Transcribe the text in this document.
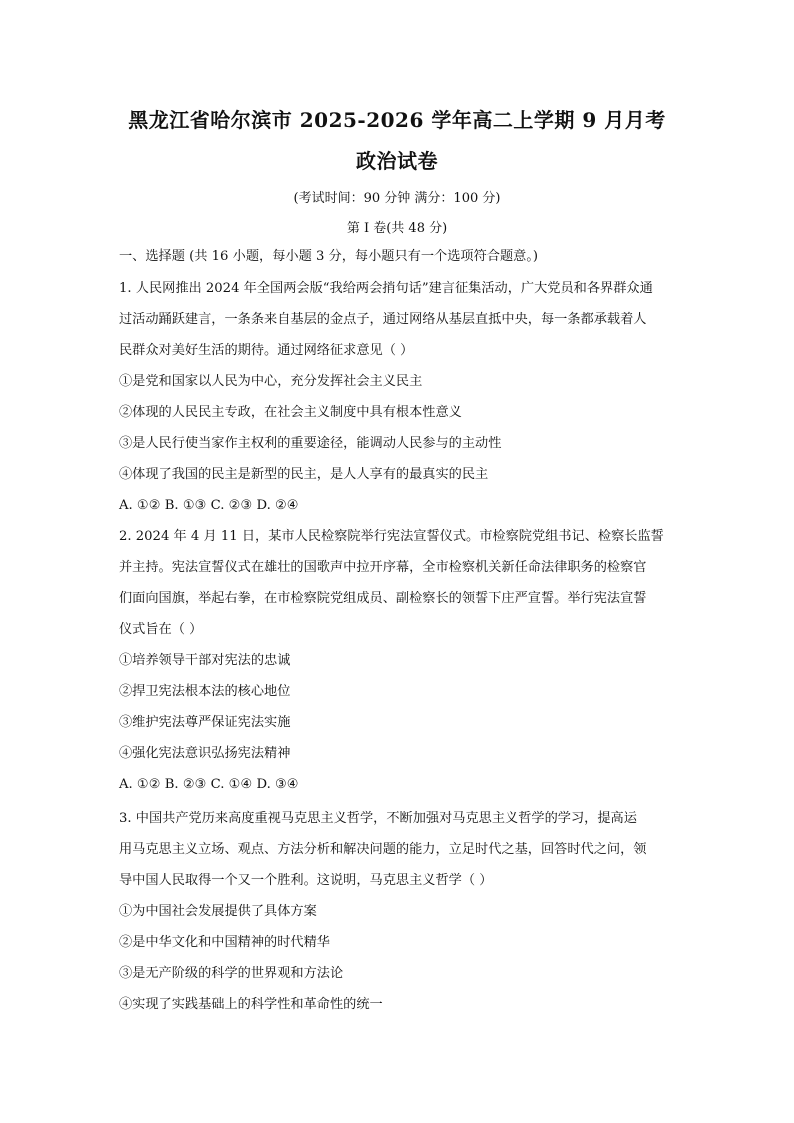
黑龙江省哈尔滨市 2025-2026 学年高二上学期 9 月月考
政治试卷
(考试时间：90 分钟 满分：100 分)
第 I 卷(共 48 分)
一、选择题 (共 16 小题，每小题 3 分，每小题只有一个选项符合题意。)
1. 人民网推出 2024 年全国两会版“我给两会捎句话”建言征集活动，广大党员和各界群众通
过活动踊跃建言，一条条来自基层的金点子，通过网络从基层直抵中央，每一条都承载着人
民群众对美好生活的期待。通过网络征求意见（ ）
①是党和国家以人民为中心，充分发挥社会主义民主
②体现的人民民主专政，在社会主义制度中具有根本性意义
③是人民行使当家作主权利的重要途径，能调动人民参与的主动性
④体现了我国的民主是新型的民主，是人人享有的最真实的民主
A. ①② B. ①③ C. ②③ D. ②④
2. 2024 年 4 月 11 日，某市人民检察院举行宪法宣誓仪式。市检察院党组书记、检察长监誓
并主持。宪法宣誓仪式在雄壮的国歌声中拉开序幕，全市检察机关新任命法律职务的检察官
们面向国旗，举起右拳，在市检察院党组成员、副检察长的领誓下庄严宣誓。举行宪法宣誓
仪式旨在（ ）
①培养领导干部对宪法的忠诚
②捍卫宪法根本法的核心地位
③维护宪法尊严保证宪法实施
④强化宪法意识弘扬宪法精神
A. ①② B. ②③ C. ①④ D. ③④
3. 中国共产党历来高度重视马克思主义哲学，不断加强对马克思主义哲学的学习，提高运
用马克思主义立场、观点、方法分析和解决问题的能力，立足时代之基，回答时代之问，领
导中国人民取得一个又一个胜利。这说明，马克思主义哲学（ ）
①为中国社会发展提供了具体方案
②是中华文化和中国精神的时代精华
③是无产阶级的科学的世界观和方法论
④实现了实践基础上的科学性和革命性的统一
